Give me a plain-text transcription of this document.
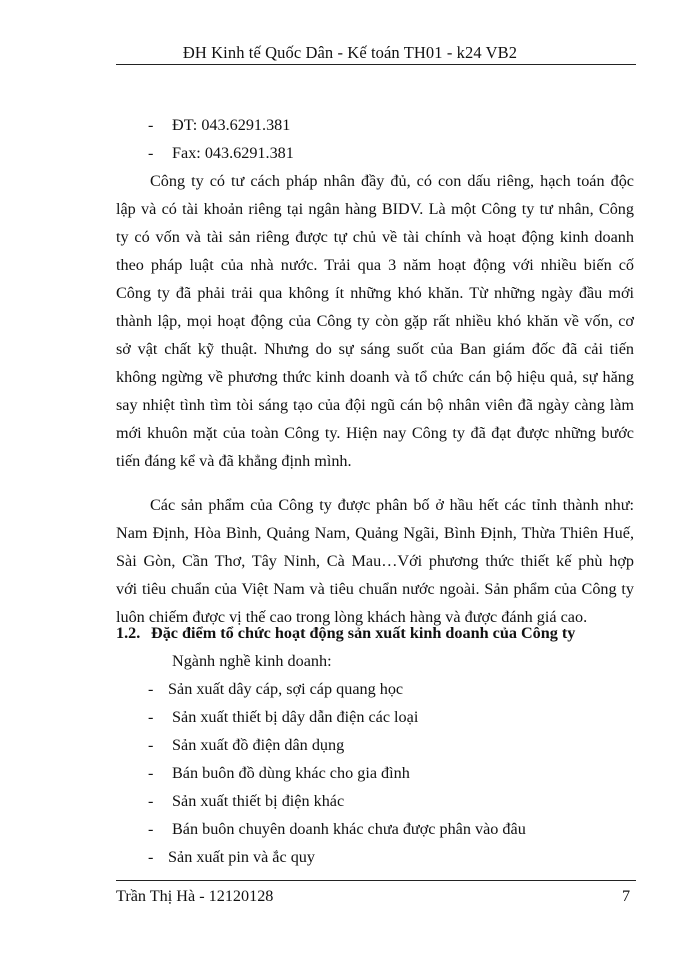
ĐH Kinh tế Quốc Dân - Kế toán TH01 - k24 VB2
- ĐT: 043.6291.381
- Fax: 043.6291.381
Công ty có tư cách pháp nhân đầy đủ, có con dấu riêng, hạch toán độc
lập và có tài khoản riêng tại ngân hàng BIDV. Là một Công ty tư nhân, Công
ty có vốn và tài sản riêng được tự chủ về tài chính và hoạt động kinh doanh
theo pháp luật của nhà nước. Trải qua 3 năm hoạt động với nhiều biến cố
Công ty đã phải trải qua không ít những khó khăn. Từ những ngày đầu mới
thành lập, mọi hoạt động của Công ty còn gặp rất nhiều khó khăn về vốn, cơ
sở vật chất kỹ thuật. Nhưng do sự sáng suốt của Ban giám đốc đã cải tiến
không ngừng về phương thức kinh doanh và tổ chức cán bộ hiệu quả, sự hăng
say nhiệt tình tìm tòi sáng tạo của đội ngũ cán bộ nhân viên đã ngày càng làm
mới khuôn mặt của toàn Công ty. Hiện nay Công ty đã đạt được những bước
tiến đáng kể và đã khẳng định mình.
Các sản phẩm của Công ty được phân bố ở hầu hết các tỉnh thành như:
Nam Định, Hòa Bình, Quảng Nam, Quảng Ngãi, Bình Định, Thừa Thiên Huế,
Sài Gòn, Cần Thơ, Tây Ninh, Cà Mau…Với phương thức thiết kế phù hợp
với tiêu chuẩn của Việt Nam và tiêu chuẩn nước ngoài. Sản phẩm của Công ty
luôn chiếm được vị thế cao trong lòng khách hàng và được đánh giá cao.
1.2. Đặc điểm tổ chức hoạt động sản xuất kinh doanh của Công ty
Ngành nghề kinh doanh:
- Sản xuất dây cáp, sợi cáp quang học
- Sản xuất thiết bị dây dẫn điện các loại
- Sản xuất đồ điện dân dụng
- Bán buôn đồ dùng khác cho gia đình
- Sản xuất thiết bị điện khác
- Bán buôn chuyên doanh khác chưa được phân vào đâu
- Sản xuất pin và ắc quy
Trần Thị Hà - 12120128	7
